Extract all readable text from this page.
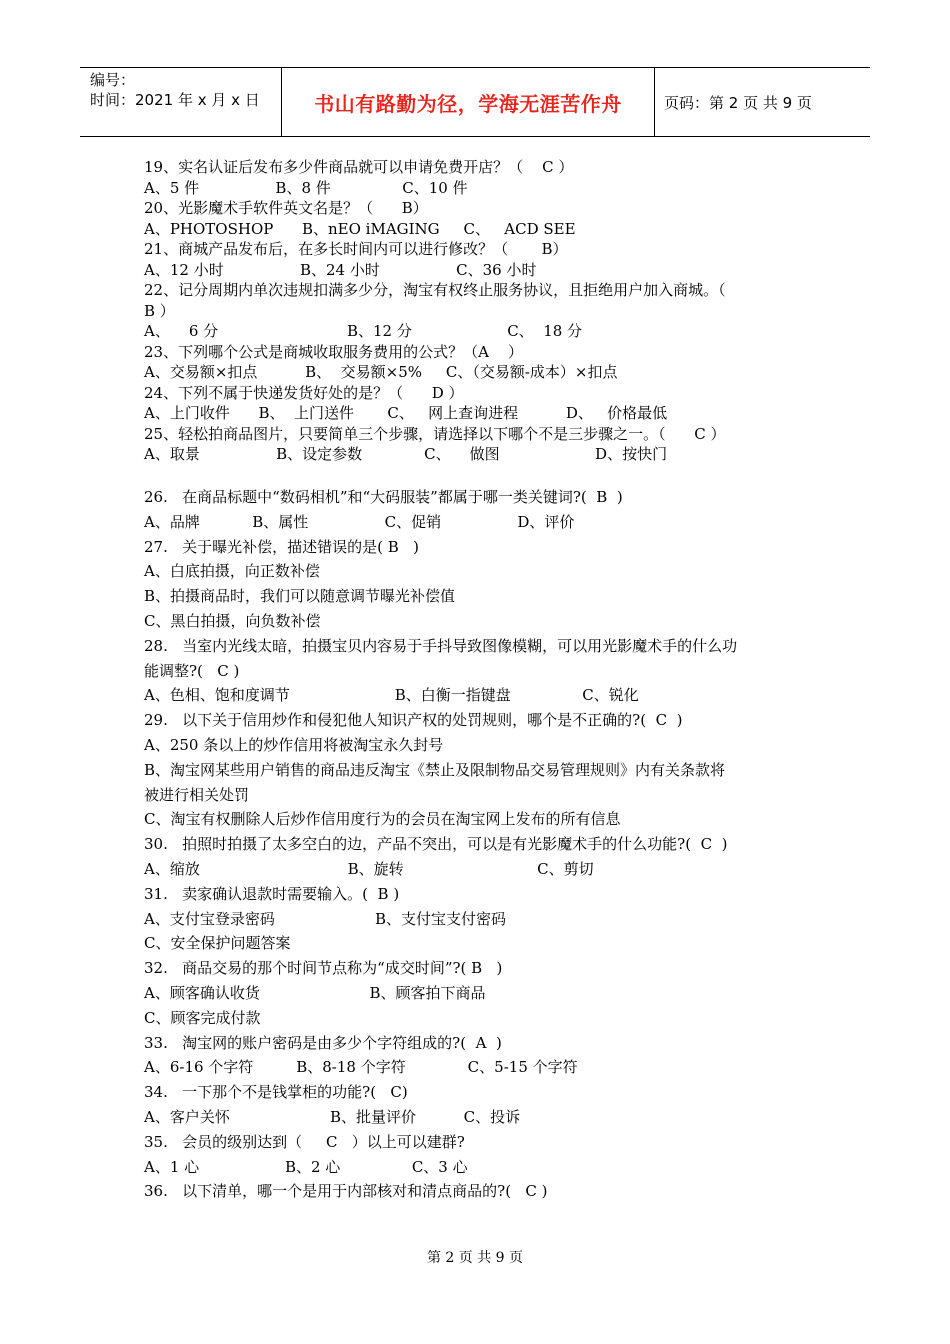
编号：
时间：2021 年 x 月 x 日	书山有路勤为径，学海无涯苦作舟	页码：第 2 页 共 9 页
19、实名认证后发布多少件商品就可以申请免费开店？（    C ）
A、5 件                B、8 件               C、10 件
20、光影魔术手软件英文名是？（      B）
A、PHOTOSHOP      B、nEO iMAGING     C、   ACD SEE
21、商城产品发布后，在多长时间内可以进行修改？（       B）
A、12 小时                B、24 小时                C、36 小时
22、记分周期内单次违规扣满多少分，淘宝有权终止服务协议，且拒绝用户加入商城。（
B ）
A、    6 分                           B、12 分                    C、  18 分
23、下列哪个公式是商城收取服务费用的公式？（A    ）
A、交易额×扣点          B、  交易额×5%     C、（交易额-成本）×扣点
24、下列不属于快递发货好处的是？（      D ）
A、上门收件      B、  上门送件       C、   网上查询进程          D、   价格最低
25、轻松拍商品图片，只要简单三个步骤，请选择以下哪个不是三步骤之一。（      C ）
A、取景                B、设定参数             C、    做图                    D、按快门
26.   在商品标题中“数码相机”和“大码服装”都属于哪一类关键词?(  B  )
A、品牌           B、属性                C、促销                D、评价
27.   关于曝光补偿，描述错误的是( B   )
A、白底拍摄，向正数补偿
B、拍摄商品时，我们可以随意调节曝光补偿值
C、黑白拍摄，向负数补偿
28.   当室内光线太暗，拍摄宝贝内容易于手抖导致图像模糊，可以用光影魔术手的什么功
能调整?(   C )
A、色相、饱和度调节                      B、白衡一指键盘               C、锐化
29.   以下关于信用炒作和侵犯他人知识产权的处罚规则，哪个是不正确的?(  C  )
A、250 条以上的炒作信用将被淘宝永久封号
B、淘宝网某些用户销售的商品违反淘宝《禁止及限制物品交易管理规则》内有关条款将
被进行相关处罚
C、淘宝有权删除人后炒作信用度行为的会员在淘宝网上发布的所有信息
30.   拍照时拍摄了太多空白的边，产品不突出，可以是有光影魔术手的什么功能?(  C  )
A、缩放                               B、旋转                            C、剪切
31.   卖家确认退款时需要输入。(  B )
A、支付宝登录密码                     B、支付宝支付密码
C、安全保护问题答案
32.   商品交易的那个时间节点称为“成交时间”?( B   )
A、顾客确认收货                       B、顾客拍下商品
C、顾客完成付款
33.   淘宝网的账户密码是由多少个字符组成的?(  A  )
A、6-16 个字符         B、8-18 个字符             C、5-15 个字符
34.   一下那个不是钱掌柜的功能?(   C)
A、客户关怀                     B、批量评价          C、投诉
35.   会员的级别达到（     C   ）以上可以建群?
A、1 心                  B、2 心               C、3 心
36.   以下清单，哪一个是用于内部核对和清点商品的?(   C )
第 2 页 共 9 页
